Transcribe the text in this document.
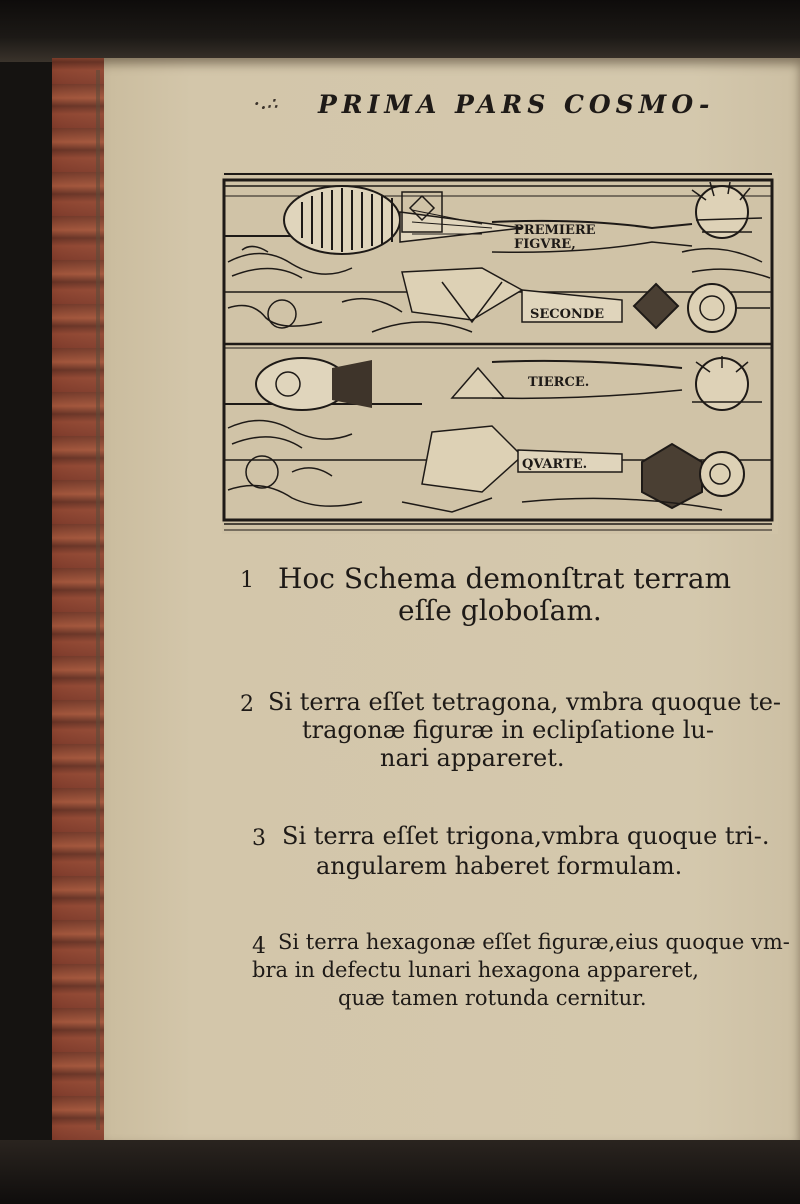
·.∴ PRIMA PARS COSMO-
PREMIERE
FIGVRE,
SECONDE
TIERCE.
QVARTE.
1 Hoc Schema demonſtrat terram
eſſe globoſam.
2 Si terra eſſet tetragona, vmbra quoque te-
tragonæ figuræ in eclipſatione lu-
nari appareret.
3 Si terra eſſet trigona,vmbra quoque tri-.
angularem haberet formulam.
4 Si terra hexagonæ eſſet figuræ,eius quoque vm-
bra in defectu lunari hexagona appareret,
quæ tamen rotunda cernitur.
